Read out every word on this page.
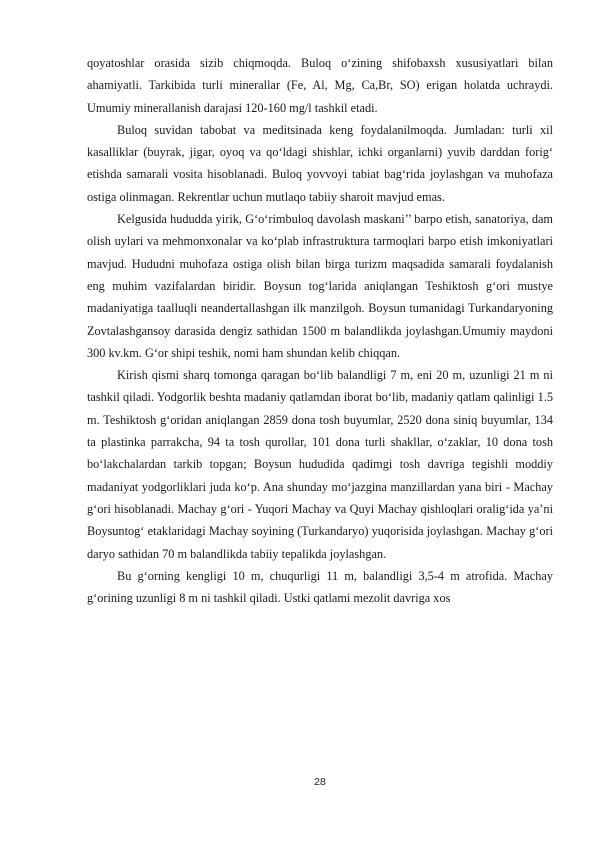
qoyatoshlar orasida sizib chiqmoqda. Buloq o‘zining shifobaxsh xususiyatlari bilan ahamiyatli. Tarkibida turli minerallar (Fe, Al, Mg, Ca,Br, SO) erigan holatda uchraydi. Umumiy minerallanish darajasi 120-160 mg/l tashkil etadi.

Buloq suvidan tabobat va meditsinada keng foydalanilmoqda. Jumladan: turli xil kasalliklar (buyrak, jigar, oyoq va qo‘ldagi shishlar, ichki organlarni) yuvib darddan forig‘ etishda samarali vosita hisoblanadi. Buloq yovvoyi tabiat bag‘rida joylashgan va muhofaza ostiga olinmagan. Rekrentlar uchun mutlaqo tabiiy sharoit mavjud emas.

Kelgusida hududda yirik, G‘o‘rimbuloq davolash maskani’’ barpo etish, sanatoriya, dam olish uylari va mehmonxonalar va ko‘plab infrastruktura tarmoqlari barpo etish imkoniyatlari mavjud. Hududni muhofaza ostiga olish bilan birga turizm maqsadida samarali foydalanish eng muhim vazifalardan biridir. Boysun tog‘larida aniqlangan Teshiktosh g‘ori mustye madaniyatiga taalluqli neandertallashgan ilk manzilgoh. Boysun tumanidagi Turkandaryoning Zovtalashgansoy darasida dengiz sathidan 1500 m balandlikda joylashgan.Umumiy maydoni 300 kv.km. G‘or shipi teshik, nomi ham shundan kelib chiqqan.

Kirish qismi sharq tomonga qaragan bo‘lib balandligi 7 m, eni 20 m, uzunligi 21 m ni tashkil qiladi. Yodgorlik beshta madaniy qatlamdan iborat bo‘lib, madaniy qatlam qalinligi 1.5 m. Teshiktosh g‘oridan aniqlangan 2859 dona tosh buyumlar, 2520 dona siniq buyumlar, 134 ta plastinka parrakcha, 94 ta tosh qurollar, 101 dona turli shakllar, o‘zaklar, 10 dona tosh bo‘lakchalardan tarkib topgan; Boysun hududida qadimgi tosh davriga tegishli moddiy madaniyat yodgorliklari juda ko‘p. Ana shunday mo‘jazgina manzillardan yana biri - Machay g‘ori hisoblanadi. Machay g‘ori - Yuqori Machay va Quyi Machay qishloqlari oralig‘ida ya’ni Boysuntog‘ etaklaridagi Machay soyining (Turkandaryo) yuqorisida joylashgan. Machay g‘ori daryo sathidan 70 m balandlikda tabiiy tepalikda joylashgan.

Bu g‘orning kengligi 10 m, chuqurligi 11 m, balandligi 3,5-4 m atrofida. Machay g‘orining uzunligi 8 m ni tashkil qiladi. Ustki qatlami mezolit davriga xos

28
